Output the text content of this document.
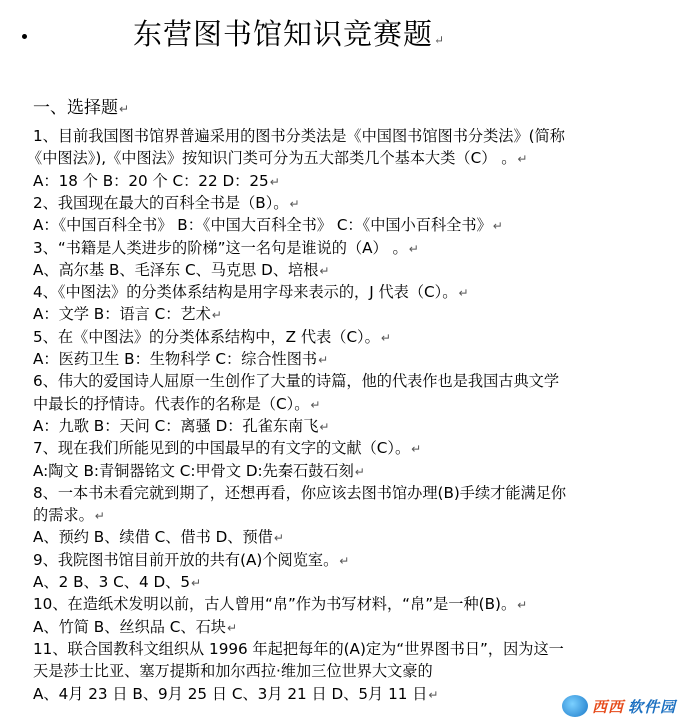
东营图书馆知识竞赛题↵
一、选择题↵
1、目前我国图书馆界普遍采用的图书分类法是《中国图书馆图书分类法》(简称
《中图法》),《中图法》按知识门类可分为五大部类几个基本大类（C） 。↵
A：18 个 B：20 个 C：22 D：25↵
2、我国现在最大的百科全书是（B）。↵
A：《中国百科全书》 B：《中国大百科全书》 C：《中国小百科全书》↵
3、“书籍是人类进步的阶梯”这一名句是谁说的（A） 。↵
A、高尔基 B、毛泽东 C、马克思 D、培根↵
4、《中图法》的分类体系结构是用字母来表示的，J 代表（C）。↵
A：文学 B：语言 C：艺术↵
5、在《中图法》的分类体系结构中，Z 代表（C）。↵
A：医药卫生 B：生物科学 C：综合性图书↵
6、伟大的爱国诗人屈原一生创作了大量的诗篇，他的代表作也是我国古典文学
中最长的抒情诗。代表作的名称是（C）。↵
A：九歌 B：天问 C：离骚 D：孔雀东南飞↵
7、现在我们所能见到的中国最早的有文字的文献（C）。↵
A:陶文 B:青铜器铭文 C:甲骨文 D:先秦石鼓石刻↵
8、一本书未看完就到期了，还想再看，你应该去图书馆办理(B)手续才能满足你
的需求。↵
A、预约 B、续借 C、借书 D、预借↵
9、我院图书馆目前开放的共有(A)个阅览室。↵
A、2 B、3 C、4 D、5↵
10、在造纸术发明以前，古人曾用“帛”作为书写材料，“帛”是一种(B)。↵
A、竹简 B、丝织品 C、石块↵
11、联合国教科文组织从 1996 年起把每年的(A)定为“世界图书日”，因为这一
天是莎士比亚、塞万提斯和加尔西拉·维加三位世界大文豪的
A、4月 23 日 B、9月 25 日 C、3月 21 日 D、5月 11 日↵
西西 软件园
